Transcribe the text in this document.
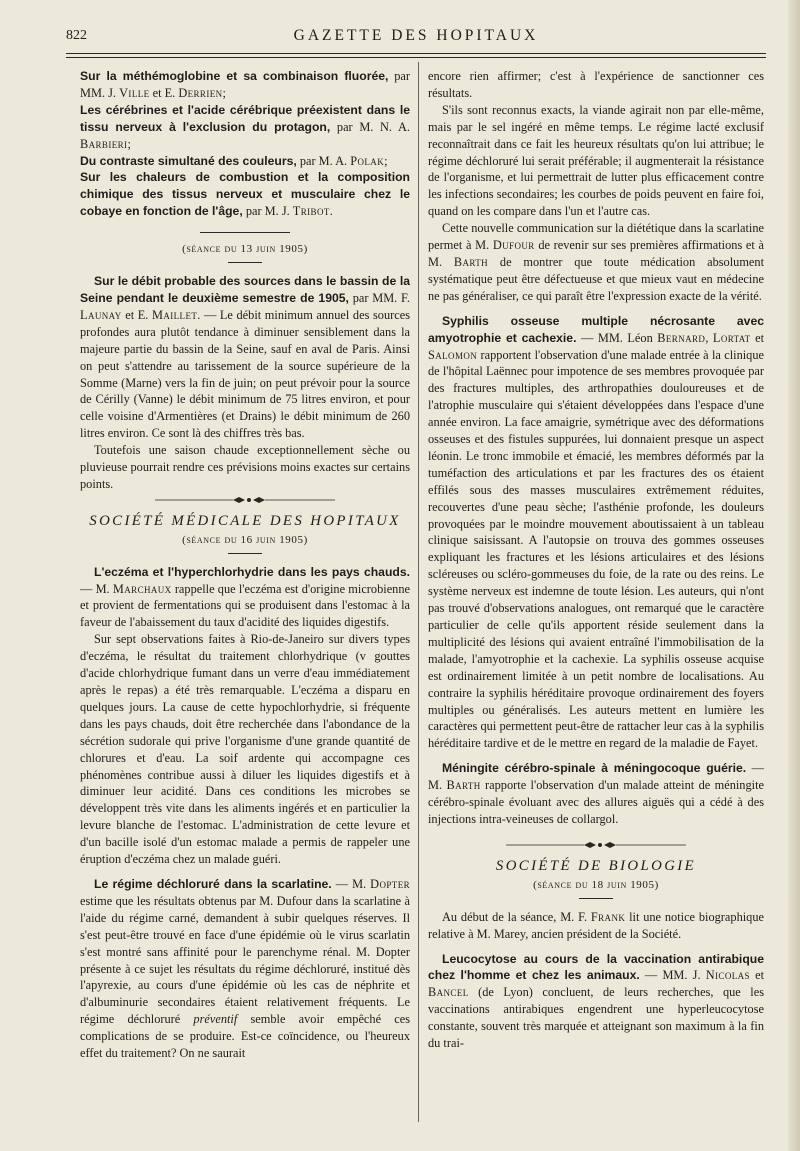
822	GAZETTE DES HOPITAUX

Sur la méthémoglobine et sa combinaison fluorée, par MM. J. Ville et E. Derrien;

Les cérébrines et l'acide cérébrique préexistent dans le tissu nerveux à l'exclusion du protagon, par M. N. A. Barbieri;

Du contraste simultané des couleurs, par M. A. Polak;

Sur les chaleurs de combustion et la composition chimique des tissus nerveux et musculaire chez le cobaye en fonction de l'âge, par M. J. Tribot.

(séance du 13 juin 1905)

Sur le débit probable des sources dans le bassin de la Seine pendant le deuxième semestre de 1905, par MM. F. Launay et E. Maillet. — Le débit minimum annuel des sources profondes aura plutôt tendance à diminuer sensiblement dans la majeure partie du bassin de la Seine, sauf en aval de Paris. Ainsi on peut s'attendre au tarissement de la source supérieure de la Somme (Marne) vers la fin de juin; on peut prévoir pour la source de Cérilly (Vanne) le débit minimum de 75 litres environ, et pour celle voisine d'Armentières (et Drains) le débit minimum de 260 litres environ. Ce sont là des chiffres très bas.

Toutefois une saison chaude exceptionnellement sèche ou pluvieuse pourrait rendre ces prévisions moins exactes sur certains points.

SOCIÉTÉ MÉDICALE DES HOPITAUX
(séance du 16 juin 1905)

L'eczéma et l'hyperchlorhydrie dans les pays chauds. — M. Marchaux rappelle que l'eczéma est d'origine microbienne et provient de fermentations qui se produisent dans l'estomac à la faveur de l'abaissement du taux d'acidité des liquides digestifs.

Sur sept observations faites à Rio-de-Janeiro sur divers types d'eczéma, le résultat du traitement chlorhydrique (v gouttes d'acide chlorhydrique fumant dans un verre d'eau immédiatement après le repas) a été très remarquable. L'eczéma a disparu en quelques jours. La cause de cette hypochlorhydrie, si fréquente dans les pays chauds, doit être recherchée dans l'abondance de la sécrétion sudorale qui prive l'organisme d'une grande quantité de chlorures et d'eau. La soif ardente qui accompagne ces phénomènes contribue aussi à diluer les liquides digestifs et à diminuer leur acidité. Dans ces conditions les microbes se développent très vite dans les aliments ingérés et en particulier la levure blanche de l'estomac. L'administration de cette levure et d'un bacille isolé d'un estomac malade a permis de rappeler une éruption d'eczéma chez un malade guéri.

Le régime déchloruré dans la scarlatine. — M. Dopter estime que les résultats obtenus par M. Dufour dans la scarlatine à l'aide du régime carné, demandent à subir quelques réserves. Il s'est peut-être trouvé en face d'une épidémie où le virus scarlatin s'est montré sans affinité pour le parenchyme rénal. M. Dopter présente à ce sujet les résultats du régime déchloruré, institué dès l'apyrexie, au cours d'une épidémie où les cas de néphrite et d'albuminurie secondaires étaient relativement fréquents. Le régime déchloruré préventif semble avoir empêché ces complications de se produire. Est-ce coïncidence, ou l'heureux effet du traitement? On ne saurait

encore rien affirmer; c'est à l'expérience de sanctionner ces résultats.

S'ils sont reconnus exacts, la viande agirait non par elle-même, mais par le sel ingéré en même temps. Le régime lacté exclusif reconnaîtrait dans ce fait les heureux résultats qu'on lui attribue; le régime déchloruré lui serait préférable; il augmenterait la résistance de l'organisme, et lui permettrait de lutter plus efficacement contre les infections secondaires; les courbes de poids peuvent en faire foi, quand on les compare dans l'un et l'autre cas.

Cette nouvelle communication sur la diététique dans la scarlatine permet à M. Dufour de revenir sur ses premières affirmations et à M. Barth de montrer que toute médication absolument systématique peut être défectueuse et que mieux vaut en médecine ne pas généraliser, ce qui paraît être l'expression exacte de la vérité.

Syphilis osseuse multiple nécrosante avec amyotrophie et cachexie. — MM. Léon Bernard, Lortat et Salomon rapportent l'observation d'une malade entrée à la clinique de l'hôpital Laënnec pour impotence de ses membres provoquée par des fractures multiples, des arthropathies douloureuses et de l'atrophie musculaire qui s'étaient développées dans l'espace d'une année environ. La face amaigrie, symétrique avec des déformations osseuses et des fistules suppurées, lui donnaient presque un aspect léonin. Le tronc immobile et émacié, les membres déformés par la tuméfaction des articulations et par les fractures des os étaient effilés sous des masses musculaires extrêmement réduites, recouvertes d'une peau sèche; l'asthénie profonde, les douleurs provoquées par le moindre mouvement aboutissaient à un tableau clinique saisissant. A l'autopsie on trouva des gommes osseuses expliquant les fractures et les lésions articulaires et des lésions scléreuses ou scléro-gommeuses du foie, de la rate ou des reins. Le système nerveux est indemne de toute lésion. Les auteurs, qui n'ont pas trouvé d'observations analogues, ont remarqué que le caractère particulier de celle qu'ils apportent réside seulement dans la multiplicité des lésions qui avaient entraîné l'immobilisation de la malade, l'amyotrophie et la cachexie. La syphilis osseuse acquise est ordinairement limitée à un petit nombre de localisations. Au contraire la syphilis héréditaire provoque ordinairement des foyers multiples ou généralisés. Les auteurs mettent en lumière les caractères qui permettent peut-être de rattacher leur cas à la syphilis héréditaire tardive et de le mettre en regard de la maladie de Fayet.

Méningite cérébro-spinale à méningocoque guérie. — M. Barth rapporte l'observation d'un malade atteint de méningite cérébro-spinale évoluant avec des allures aiguës qui a cédé à des injections intra-veineuses de collargol.

SOCIÉTÉ DE BIOLOGIE
(séance du 18 juin 1905)

Au début de la séance, M. F. Frank lit une notice biographique relative à M. Marey, ancien président de la Société.

Leucocytose au cours de la vaccination antirabique chez l'homme et chez les animaux. — MM. J. Nicolas et Bancel (de Lyon) concluent, de leurs recherches, que les vaccinations antirabiques engendrent une hyperleucocytose constante, souvent très marquée et atteignant son maximum à la fin du trai-
